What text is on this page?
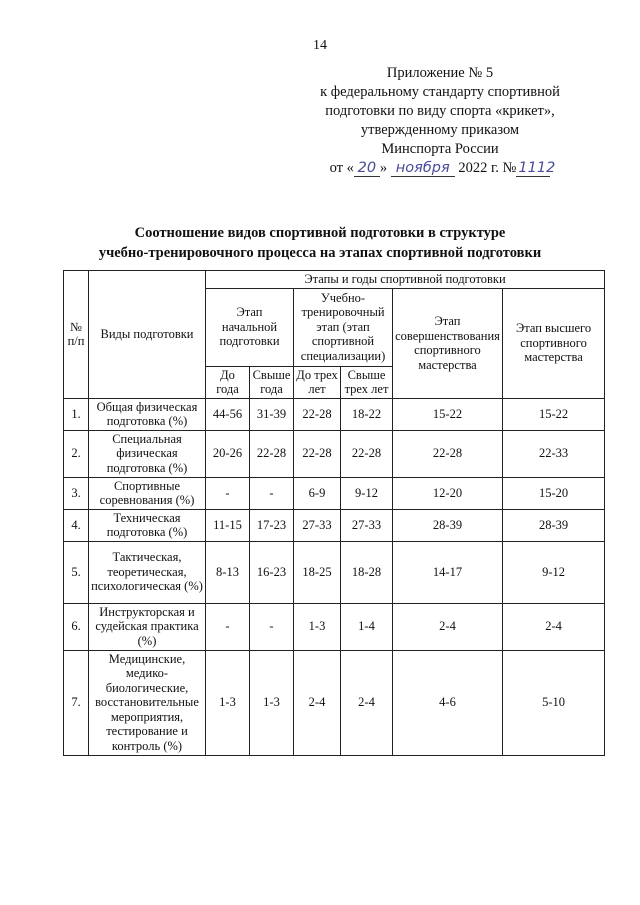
14
Приложение № 5
к федеральному стандарту спортивной
подготовки по виду спорта «крикет»,
утвержденному приказом
Минспорта России
от « 20 » ноября 2022 г. № 1112
Соотношение видов спортивной подготовки в структуре
учебно-тренировочного процесса на этапах спортивной подготовки
№ п/п	Виды подготовки	Этапы и годы спортивной подготовки					
		Этап начальной подготовки		Учебно-тренировочный этап (этап спортивной специализации)		Этап совершенствования спортивного мастерства	Этап высшего спортивного мастерства
		До года	Свыше года	До трех лет	Свыше трех лет		
1.	Общая физическая подготовка (%)	44-56	31-39	22-28	18-22	15-22	15-22
2.	Специальная физическая подготовка (%)	20-26	22-28	22-28	22-28	22-28	22-33
3.	Спортивные соревнования (%)	-	-	6-9	9-12	12-20	15-20
4.	Техническая подготовка (%)	11-15	17-23	27-33	27-33	28-39	28-39
5.	Тактическая, теоретическая, психологическая (%)	8-13	16-23	18-25	18-28	14-17	9-12
6.	Инструкторская и судейская практика (%)	-	-	1-3	1-4	2-4	2-4
7.	Медицинские, медико-биологические, восстановительные мероприятия, тестирование и контроль (%)	1-3	1-3	2-4	2-4	4-6	5-10
